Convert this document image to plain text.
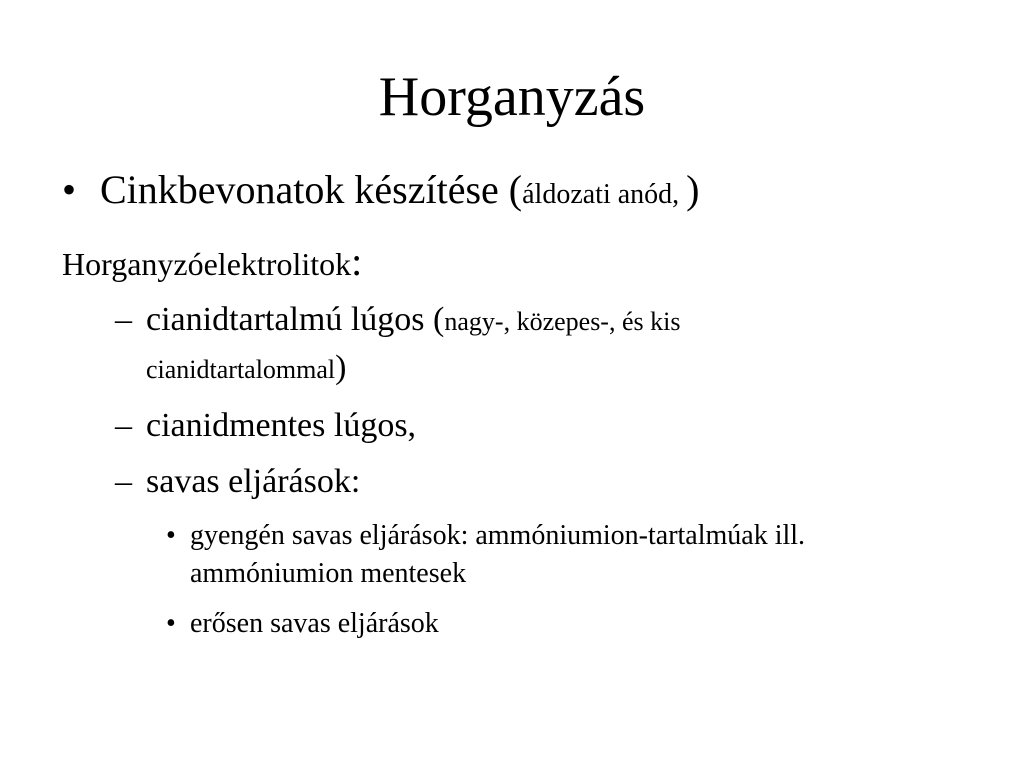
Horganyzás
• Cinkbevonatok készítése (áldozati anód, )
Horganyzóelektrolitok:
– cianidtartalmú lúgos (nagy-, közepes-, és kis
cianidtartalommal)
– cianidmentes lúgos,
– savas eljárások:
• gyengén savas eljárások: ammóniumion-tartalmúak ill.
ammóniumion mentesek
• erősen savas eljárások
